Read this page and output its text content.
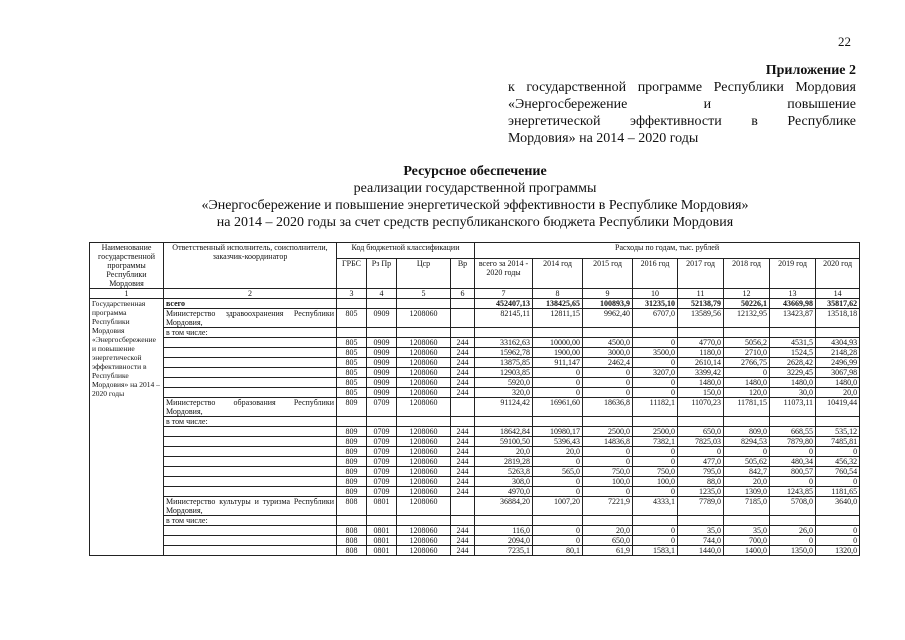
22
Приложение 2
к государственной программе Республики Мордовия
«Энергосбережение и повышение
энергетической эффективности в Республике
Мордовия» на 2014 – 2020 годы
Ресурсное обеспечение
реализации государственной программы
«Энергосбережение и повышение энергетической эффективности в Республике Мордовия»
на 2014 – 2020 годы за счет средств республиканского бюджета Республики Мордовия
Наименование государственной программы Республики Мордовия	Ответственный исполнитель, соисполнители, заказчик-координатор	Код бюджетной классификации				Расходы по годам, тыс. рублей							
		ГРБС	Рз Пр	Цср	Вр	всего за 2014 - 2020 годы	2014 год	2015 год	2016 год	2017 год	2018 год	2019 год	2020 год
1	2	3	4	5	6	7	8	9	10	11	12	13	14
Государственная программа Республики Мордовия «Энергосбережение и повышение энергетической эффективности в Республике Мордовия» на 2014 – 2020 годы	всего					452407,13	138425,65	100893,9	31235,10	52138,79	50226,1	43669,98	35817,62
	Министерство здравоохранения Республики Мордовия,	805	0909	1208060		82145,11	12811,15	9962,40	6707,0	13589,56	12132,95	13423,87	13518,18
	в том числе:												
		805	0909	1208060	244	33162,63	10000,00	4500,0	0	4770,0	5056,2	4531,5	4304,93
		805	0909	1208060	244	15962,78	1900,00	3000,0	3500,0	1180,0	2710,0	1524,5	2148,28
		805	0909	1208060	244	13875,85	911,147	2462,4	0	2610,14	2766,75	2628,42	2496,99
		805	0909	1208060	244	12903,85	0	0	3207,0	3399,42	0	3229,45	3067,98
		805	0909	1208060	244	5920,0	0	0	0	1480,0	1480,0	1480,0	1480,0
		805	0909	1208060	244	320,0	0	0	0	150,0	120,0	30,0	20,0
	Министерство образования Республики Мордовия,	809	0709	1208060		91124,42	16961,60	18636,8	11182,1	11070,23	11781,15	11073,11	10419,44
	в том числе:												
		809	0709	1208060	244	18642,84	10980,17	2500,0	2500,0	650,0	809,0	668,55	535,12
		809	0709	1208060	244	59100,50	5396,43	14836,8	7382,1	7825,03	8294,53	7879,80	7485,81
		809	0709	1208060	244	20,0	20,0	0	0	0	0	0	0
		809	0709	1208060	244	2819,28	0	0	0	477,0	505,62	480,34	456,32
		809	0709	1208060	244	5263,8	565,0	750,0	750,0	795,0	842,7	800,57	760,54
		809	0709	1208060	244	308,0	0	100,0	100,0	88,0	20,0	0	0
		809	0709	1208060	244	4970,0	0	0	0	1235,0	1309,0	1243,85	1181,65
	Министерство культуры и туризма Республики Мордовия,	808	0801	1208060		36884,20	1007,20	7221,9	4333,1	7789,0	7185,0	5708,0	3640,0
	в том числе:												
		808	0801	1208060	244	116,0	0	20,0	0	35,0	35,0	26,0	0
		808	0801	1208060	244	2094,0	0	650,0	0	744,0	700,0	0	0
		808	0801	1208060	244	7235,1	80,1	61,9	1583,1	1440,0	1400,0	1350,0	1320,0
